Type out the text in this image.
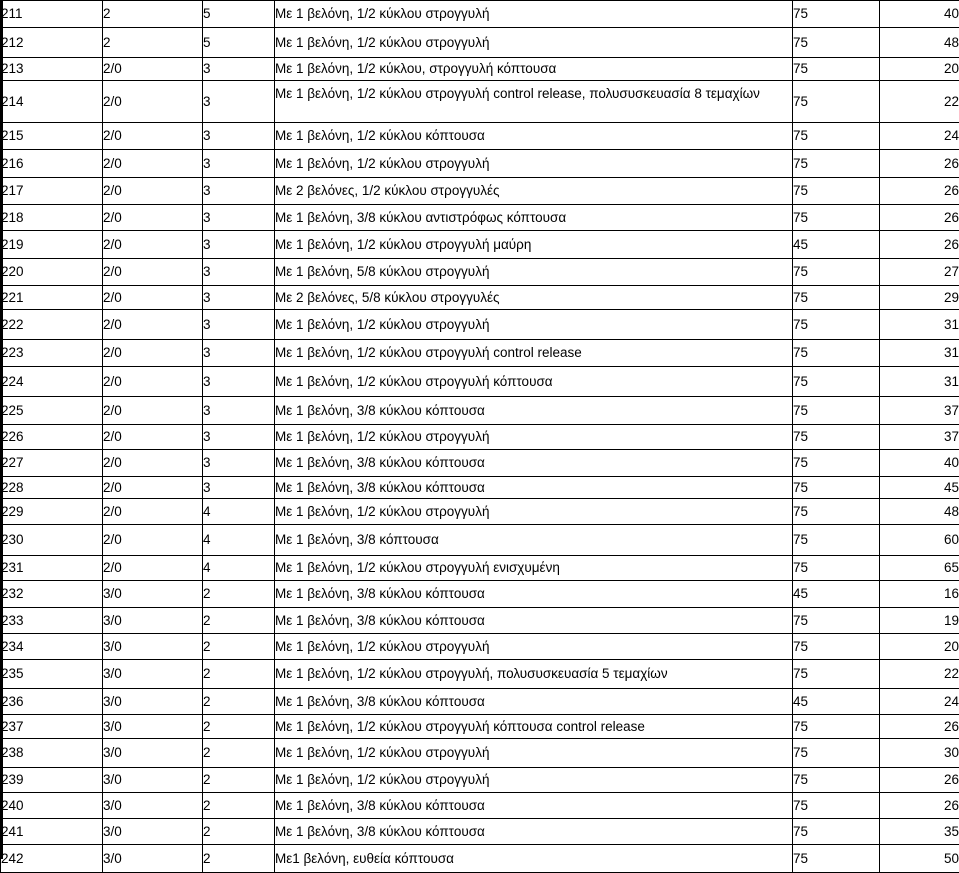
211	2	5	Με 1 βελόνη, 1/2 κύκλου στρογγυλή	75	40
212	2	5	Με 1 βελόνη, 1/2 κύκλου στρογγυλή	75	48
213	2/0	3	Με 1 βελόνη, 1/2 κύκλου, στρογγυλή κόπτουσα	75	20
214	2/0	3	Με 1 βελόνη, 1/2 κύκλου στρογγυλή control release, πολυσυσκευασία 8 τεμαχίων	75	22
215	2/0	3	Με 1 βελόνη, 1/2 κύκλου κόπτουσα	75	24
216	2/0	3	Με 1 βελόνη, 1/2 κύκλου στρογγυλή	75	26
217	2/0	3	Με 2 βελόνες, 1/2 κύκλου στρογγυλές	75	26
218	2/0	3	Με 1 βελόνη, 3/8 κύκλου αντιστρόφως κόπτουσα	75	26
219	2/0	3	Με 1 βελόνη, 1/2 κύκλου στρογγυλή μαύρη	45	26
220	2/0	3	Με 1 βελόνη, 5/8 κύκλου στρογγυλή	75	27
221	2/0	3	Με 2 βελόνες, 5/8 κύκλου στρογγυλές	75	29
222	2/0	3	Με 1 βελόνη, 1/2 κύκλου στρογγυλή	75	31
223	2/0	3	Με 1 βελόνη, 1/2 κύκλου στρογγυλή control release	75	31
224	2/0	3	Με 1 βελόνη, 1/2 κύκλου στρογγυλή κόπτουσα	75	31
225	2/0	3	Με 1 βελόνη, 3/8 κύκλου κόπτουσα	75	37
226	2/0	3	Με 1 βελόνη, 1/2 κύκλου στρογγυλή	75	37
227	2/0	3	Με 1 βελόνη, 3/8 κύκλου κόπτουσα	75	40
228	2/0	3	Με 1 βελόνη, 3/8 κύκλου κόπτουσα	75	45
229	2/0	4	Με 1 βελόνη, 1/2 κύκλου στρογγυλή	75	48
230	2/0	4	Με 1 βελόνη, 3/8 κόπτουσα	75	60
231	2/0	4	Με 1 βελόνη, 1/2 κύκλου στρογγυλή ενισχυμένη	75	65
232	3/0	2	Με 1 βελόνη, 3/8 κύκλου κόπτουσα	45	16
233	3/0	2	Με 1 βελόνη, 3/8 κύκλου κόπτουσα	75	19
234	3/0	2	Με 1 βελόνη, 1/2 κύκλου στρογγυλή	75	20
235	3/0	2	Με 1 βελόνη, 1/2 κύκλου στρογγυλή, πολυσυσκευασία 5 τεμαχίων	75	22
236	3/0	2	Με 1 βελόνη, 3/8 κύκλου κόπτουσα	45	24
237	3/0	2	Με 1 βελόνη, 1/2 κύκλου στρογγυλή κόπτουσα control release	75	26
238	3/0	2	Με 1 βελόνη, 1/2 κύκλου στρογγυλή	75	30
239	3/0	2	Με 1 βελόνη, 1/2 κύκλου στρογγυλή	75	26
240	3/0	2	Με 1 βελόνη, 3/8 κύκλου κόπτουσα	75	26
241	3/0	2	Με 1 βελόνη, 3/8 κύκλου κόπτουσα	75	35
242	3/0	2	Με1 βελόνη, ευθεία κόπτουσα	75	50
